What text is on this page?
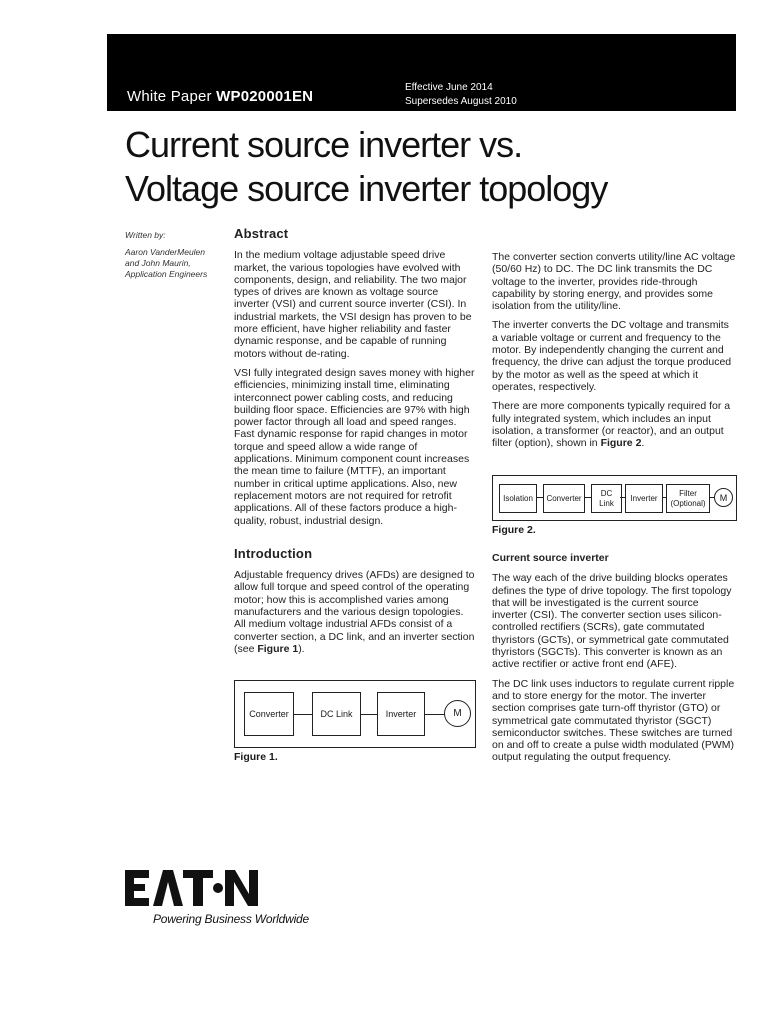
White Paper WP020001EN
Effective June 2014
Supersedes August 2010
Current source inverter vs.
Voltage source inverter topology
Written by:
Aaron VanderMeulen
and John Maurin,
Application Engineers
Abstract

In the medium voltage adjustable speed drive market, the various topologies have evolved with components, design, and reliability. The two major types of drives are known as voltage source inverter (VSI) and current source inverter (CSI). In industrial markets, the VSI design has proven to be more efficient, have higher reliability and faster dynamic response, and be capable of running motors without de-rating.

VSI fully integrated design saves money with higher efficiencies, minimizing install time, eliminating interconnect power cabling costs, and reducing building floor space. Efficiencies are 97% with high power factor through all load and speed ranges. Fast dynamic response for rapid changes in motor torque and speed allow a wide range of applications. Minimum component count increases the mean time to failure (MTTF), an important number in critical uptime applications. Also, new replacement motors are not required for retrofit applications. All of these factors produce a high-quality, robust, industrial design.

Introduction

Adjustable frequency drives (AFDs) are designed to allow full torque and speed control of the operating motor; how this is accomplished varies among manufacturers and the various design topologies. All medium voltage industrial AFDs consist of a converter section, a DC link, and an inverter section (see Figure 1).

Converter	DC Link	Inverter	M
Figure 1.

The converter section converts utility/line AC voltage (50/60 Hz) to DC. The DC link transmits the DC voltage to the inverter, provides ride-through capability by storing energy, and provides some isolation from the utility/line.

The inverter converts the DC voltage and transmits a variable voltage or current and frequency to the motor. By independently changing the current and frequency, the drive can adjust the torque produced by the motor as well as the speed at which it operates, respectively.

There are more components typically required for a fully integrated system, which includes an input isolation, a transformer (or reactor), and an output filter (option), shown in Figure 2.

Isolation	Converter
DC Link
Inverter
Filter (Optional)
M
Figure 2.
Current source inverter

The way each of the drive building blocks operates defines the type of drive topology. The first topology that will be investigated is the current source inverter (CSI). The converter section uses silicon-controlled rectifiers (SCRs), gate commutated thyristors (GCTs), or symmetrical gate commutated thyristors (SGCTs). This converter is known as an active rectifier or active front end (AFE).

The DC link uses inductors to regulate current ripple and to store energy for the motor. The inverter section comprises gate turn-off thyristor (GTO) or symmetrical gate commutated thyristor (SGCT) semiconductor switches. These switches are turned on and off to create a pulse width modulated (PWM) output regulating the output frequency.

Powering Business Worldwide
